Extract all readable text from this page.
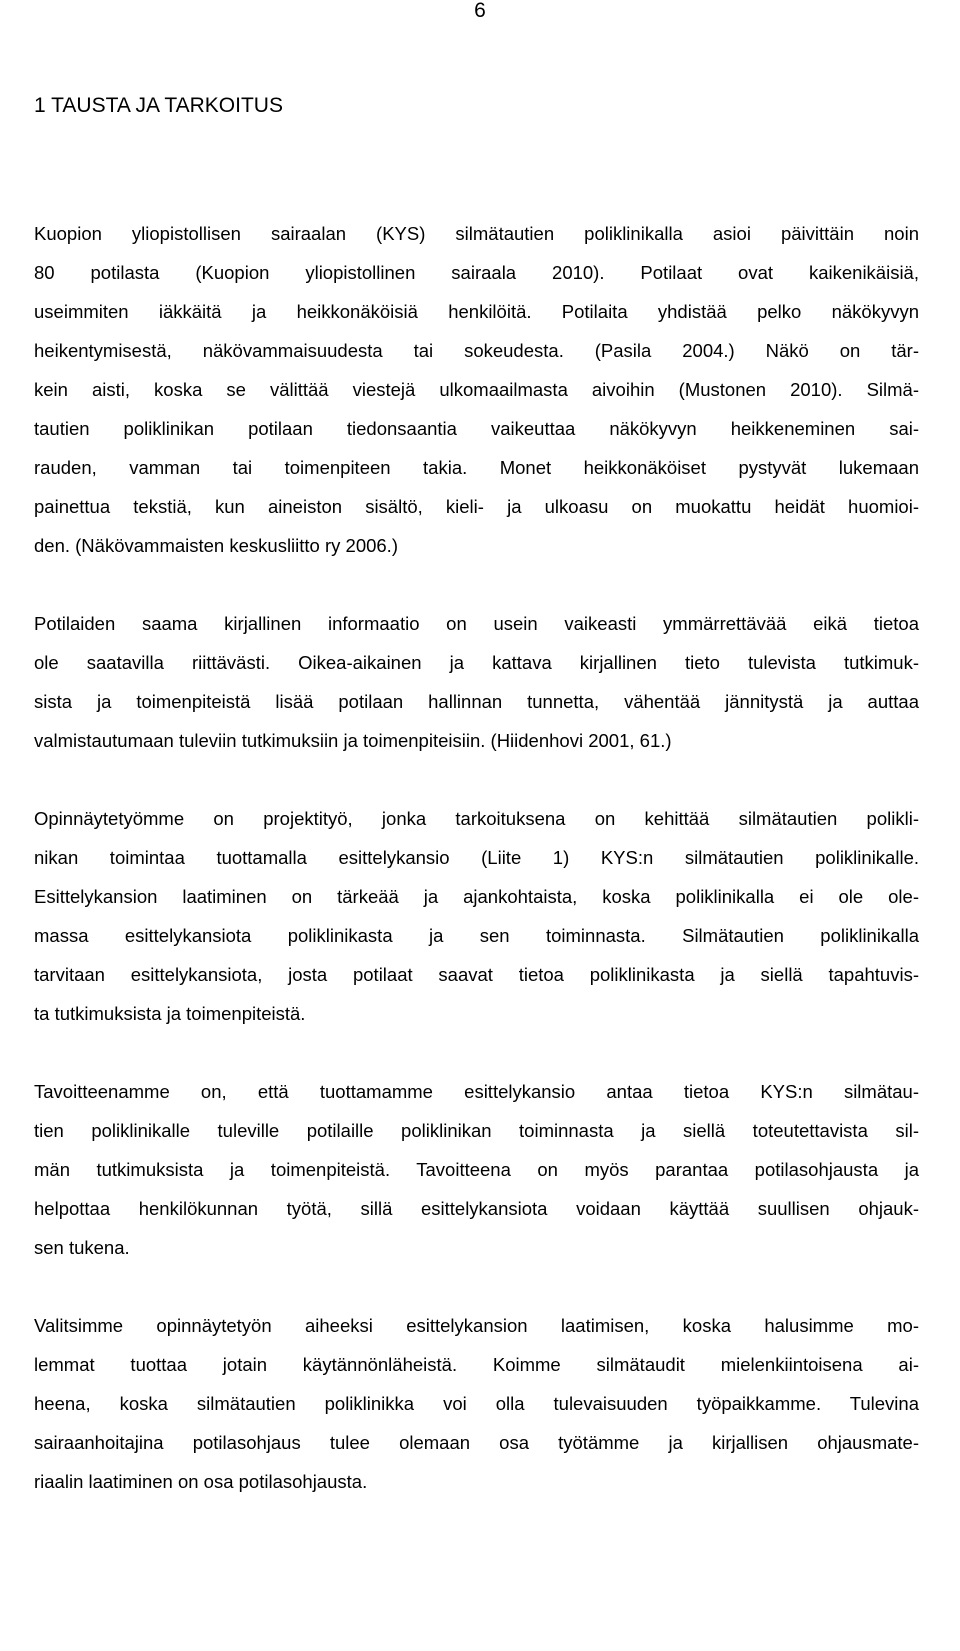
6
1 TAUSTA JA TARKOITUS

Kuopion yliopistollisen sairaalan (KYS) silmätautien poliklinikalla asioi päivittäin noin
80 potilasta (Kuopion yliopistollinen sairaala 2010). Potilaat ovat kaikenikäisiä,
useimmiten iäkkäitä ja heikkonäköisiä henkilöitä. Potilaita yhdistää pelko näkökyvyn
heikentymisestä, näkövammaisuudesta tai sokeudesta. (Pasila 2004.) Näkö on tär-
kein aisti, koska se välittää viestejä ulkomaailmasta aivoihin (Mustonen 2010). Silmä-
tautien poliklinikan potilaan tiedonsaantia vaikeuttaa näkökyvyn heikkeneminen sai-
rauden, vamman tai toimenpiteen takia. Monet heikkonäköiset pystyvät lukemaan
painettua tekstiä, kun aineiston sisältö, kieli- ja ulkoasu on muokattu heidät huomioi-
den. (Näkövammaisten keskusliitto ry 2006.)

Potilaiden saama kirjallinen informaatio on usein vaikeasti ymmärrettävää eikä tietoa
ole saatavilla riittävästi. Oikea-aikainen ja kattava kirjallinen tieto tulevista tutkimuk-
sista ja toimenpiteistä lisää potilaan hallinnan tunnetta, vähentää jännitystä ja auttaa
valmistautumaan tuleviin tutkimuksiin ja toimenpiteisiin. (Hiidenhovi 2001, 61.)

Opinnäytetyömme on projektityö, jonka tarkoituksena on kehittää silmätautien polikli-
nikan toimintaa tuottamalla esittelykansio (Liite 1) KYS:n silmätautien poliklinikalle.
Esittelykansion laatiminen on tärkeää ja ajankohtaista, koska poliklinikalla ei ole ole-
massa esittelykansiota poliklinikasta ja sen toiminnasta. Silmätautien poliklinikalla
tarvitaan esittelykansiota, josta potilaat saavat tietoa poliklinikasta ja siellä tapahtuvis-
ta tutkimuksista ja toimenpiteistä.

Tavoitteenamme on, että tuottamamme esittelykansio antaa tietoa KYS:n silmätau-
tien poliklinikalle tuleville potilaille poliklinikan toiminnasta ja siellä toteutettavista sil-
män tutkimuksista ja toimenpiteistä. Tavoitteena on myös parantaa potilasohjausta ja
helpottaa henkilökunnan työtä, sillä esittelykansiota voidaan käyttää suullisen ohjauk-
sen tukena.

Valitsimme opinnäytetyön aiheeksi esittelykansion laatimisen, koska halusimme mo-
lemmat tuottaa jotain käytännönläheistä. Koimme silmätaudit mielenkiintoisena ai-
heena, koska silmätautien poliklinikka voi olla tulevaisuuden työpaikkamme. Tulevina
sairaanhoitajina potilasohjaus tulee olemaan osa työtämme ja kirjallisen ohjausmate-
riaalin laatiminen on osa potilasohjausta.
